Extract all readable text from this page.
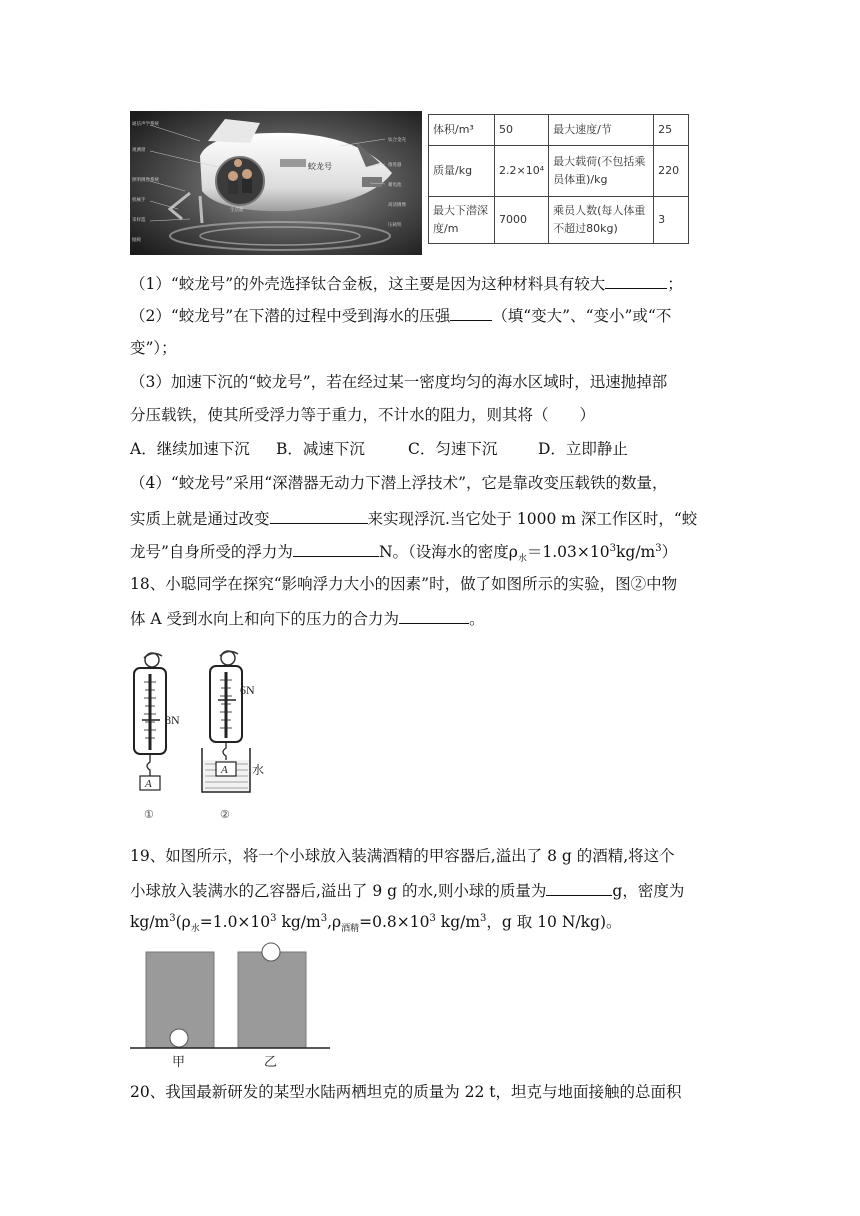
蛟龙号
通信声学系统
观测窗
照明摄像系统
机械手
采样篮
生活舱
抛载
钛合金壳
推进器
蓄电池
高清摄像
压载铁
体积/m³	50	最大速度/节	25
质量/kg	2.2×10⁴	最大载荷(不包括乘员体重)/kg	220
最大下潜深度/m	7000	乘员人数(每人体重不超过80kg)	3
（1）“蛟龙号”的外壳选择钛合金板，这主要是因为这种材料具有较大	；
（2）“蛟龙号”在下潜的过程中受到海水的压强	（填“变大”、“变小”或“不
变”）；
（3）加速下沉的“蛟龙号”，若在经过某一密度均匀的海水区域时，迅速抛掉部
分压载铁，使其所受浮力等于重力，不计水的阻力，则其将（　　）
A．继续加速下沉 B．减速下沉	C．匀速下沉	D．立即静止
（4）“蛟龙号”采用“深潜器无动力下潜上浮技术”，它是靠改变压载铁的数量，
实质上就是通过改变	来实现浮沉.当它处于 1000 m 深工作区时，“蛟
龙号”自身所受的浮力为	N。（设海水的密度$\rho_水=1.03\times 10^3kg/m^3$）
18、小聪同学在探究“影响浮力大小的因素”时，做了如图所示的实验，图②中物
体 A 受到水向上和向下的压力的合力为	。
8N
A
①
6N
A 水
②
19、如图所示，将一个小球放入装满酒精的甲容器后,溢出了 8 g 的酒精,将这个
小球放入装满水的乙容器后,溢出了 9 g 的水,则小球的质量为	g，密度为
$kg/m^3(\rho_水=1.0\times 10^3$ $kg/m^3,\rho_{酒精}=0.8\times 10^3$ $kg/m^3$，g 取 10 N/kg)。
甲	乙
20、我国最新研发的某型水陆两栖坦克的质量为 22 t，坦克与地面接触的总面积
